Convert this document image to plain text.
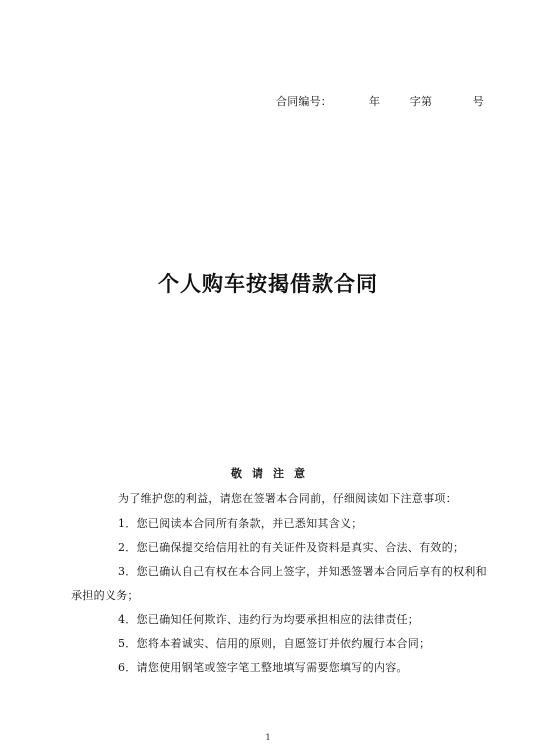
合同编号：          年        字第           号
个人购车按揭借款合同
敬请注意
为了维护您的利益，请您在签署本合同前，仔细阅读如下注意事项：
1．您已阅读本合同所有条款，并已悉知其含义；
2．您已确保提交给信用社的有关证件及资料是真实、合法、有效的；
3．您已确认自己有权在本合同上签字，并知悉签署本合同后享有的权利和
承担的义务；
4．您已确知任何欺诈、违约行为均要承担相应的法律责任；
5．您将本着诚实、信用的原则，自愿签订并依约履行本合同；
6．请您使用钢笔或签字笔工整地填写需要您填写的内容。
1
